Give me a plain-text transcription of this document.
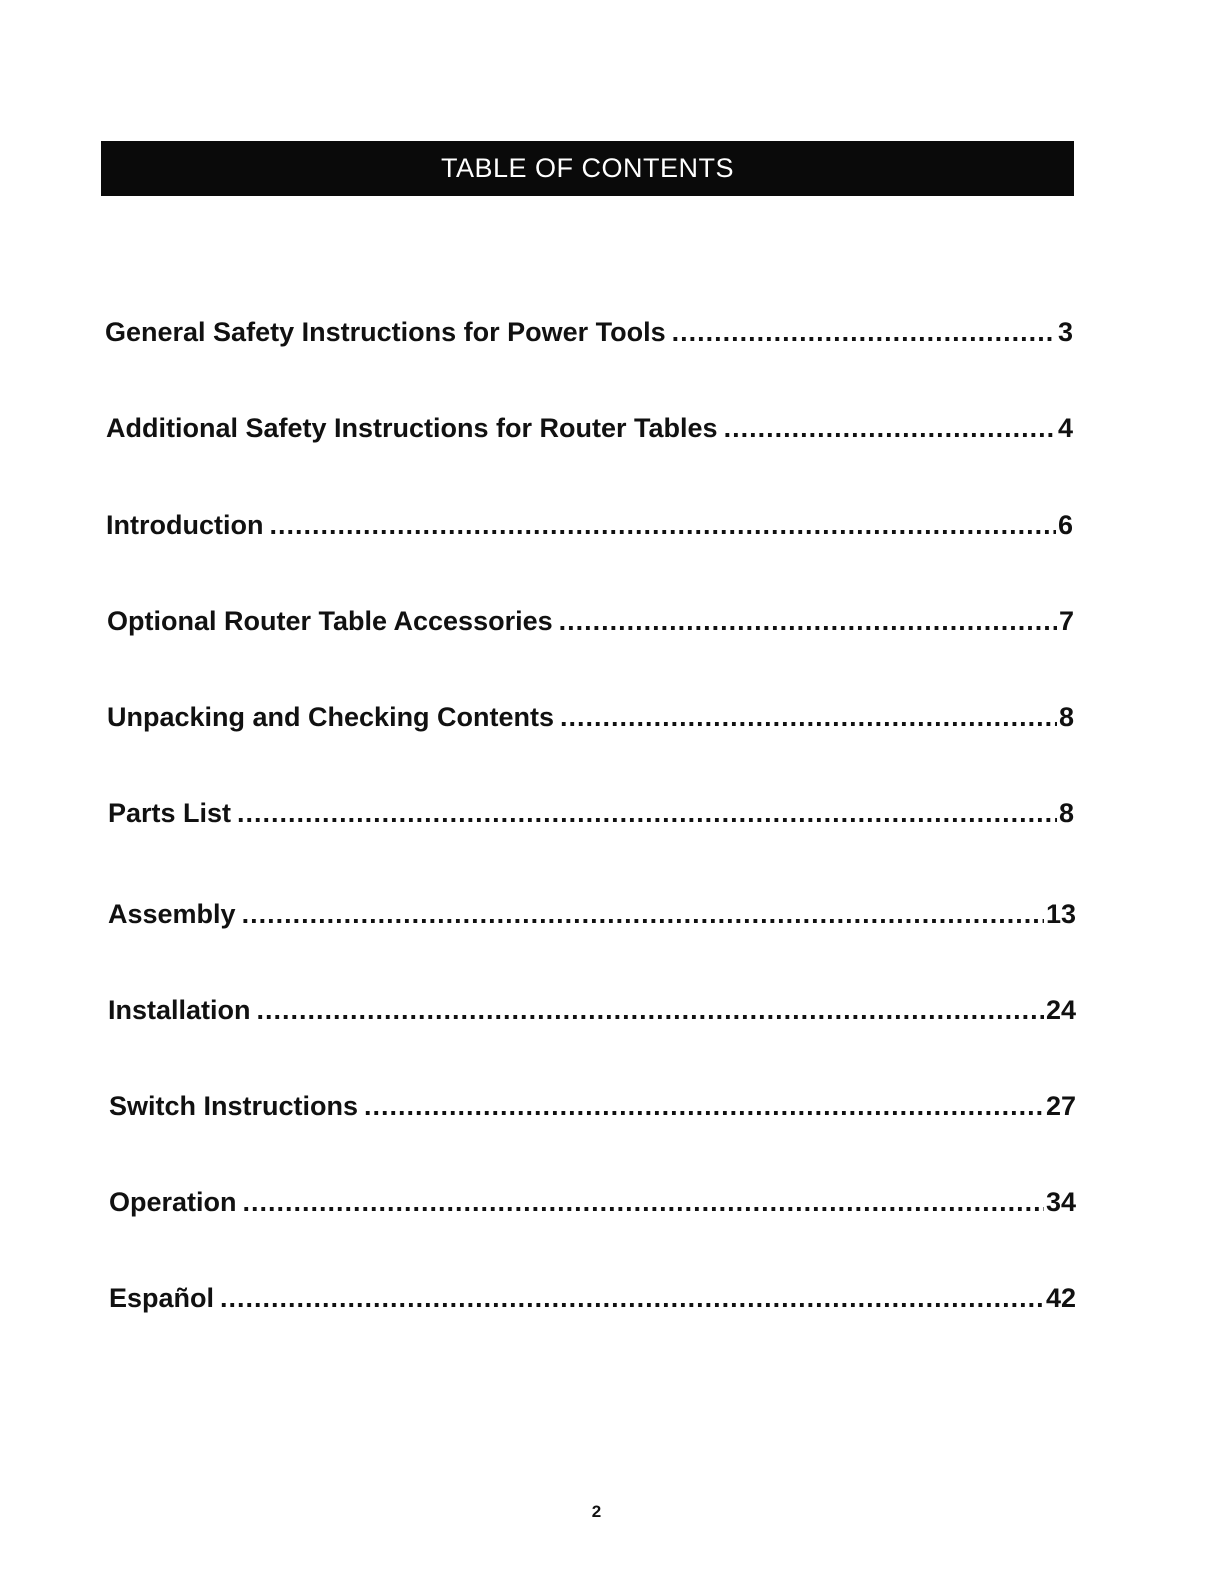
TABLE OF CONTENTS
General Safety Instructions for Power Tools .....	3
Additional Safety Instructions for Router Tables .....	4
Introduction .....	6
Optional Router Table Accessories .....	7
Unpacking and Checking Contents .....	8
Parts List .....	8
Assembly .....	13
Installation .....	24
Switch Instructions .....	27
Operation .....	34
Español .....	42
2
